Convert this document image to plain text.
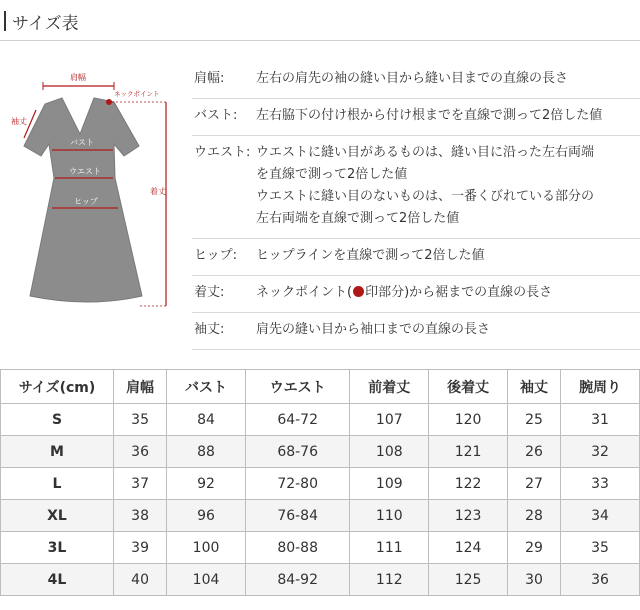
サイズ表
肩幅
袖丈
ネックポイント
バスト
ウエスト
ヒップ
着丈
肩幅:	左右の肩先の袖の縫い目から縫い目までの直線の長さ
バスト:	左右脇下の付け根から付け根までを直線で測って2倍した値
ウエスト: ウエストに縫い目があるものは、縫い目に沿った左右両端
を直線で測って2倍した値
ウエストに縫い目のないものは、一番くびれている部分の
左右両端を直線で測って2倍した値
ヒップ:	ヒップラインを直線で測って2倍した値
着丈:	ネックポイント( 印部分)から裾までの直線の長さ
袖丈:	肩先の縫い目から袖口までの直線の長さ
サイズ(cm)	肩幅	バスト	ウエスト	前着丈	後着丈	袖丈	腕周り
S	35	84	64-72	107	120	25	31
M	36	88	68-76	108	121	26	32
L	37	92	72-80	109	122	27	33
XL	38	96	76-84	110	123	28	34
3L	39	100	80-88	111	124	29	35
4L	40	104	84-92	112	125	30	36
